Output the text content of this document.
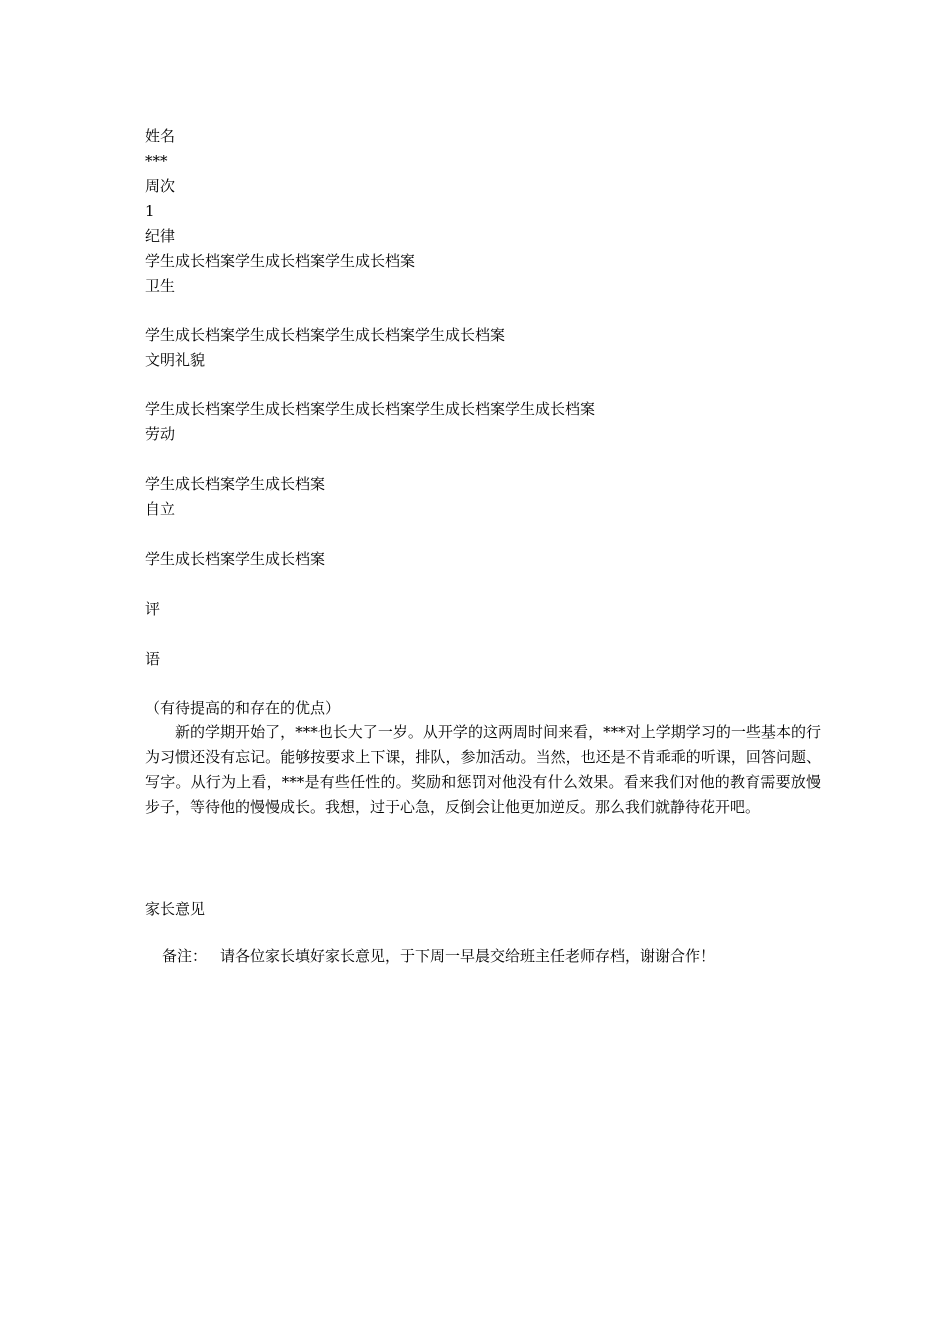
姓名
***
周次
1
纪律
学生成长档案学生成长档案学生成长档案
卫生
学生成长档案学生成长档案学生成长档案学生成长档案
文明礼貌
学生成长档案学生成长档案学生成长档案学生成长档案学生成长档案
劳动
学生成长档案学生成长档案
自立
学生成长档案学生成长档案
评
语
（有待提高的和存在的优点）
新的学期开始了，***也长大了一岁。从开学的这两周时间来看，***对上学期学习的一些基本的行为习惯还没有忘记。能够按要求上下课，排队，参加活动。当然，也还是不肯乖乖的听课，回答问题、写字。从行为上看，***是有些任性的。奖励和惩罚对他没有什么效果。看来我们对他的教育需要放慢步子，等待他的慢慢成长。我想，过于心急，反倒会让他更加逆反。那么我们就静待花开吧。
家长意见
备注： 请各位家长填好家长意见，于下周一早晨交给班主任老师存档，谢谢合作！
